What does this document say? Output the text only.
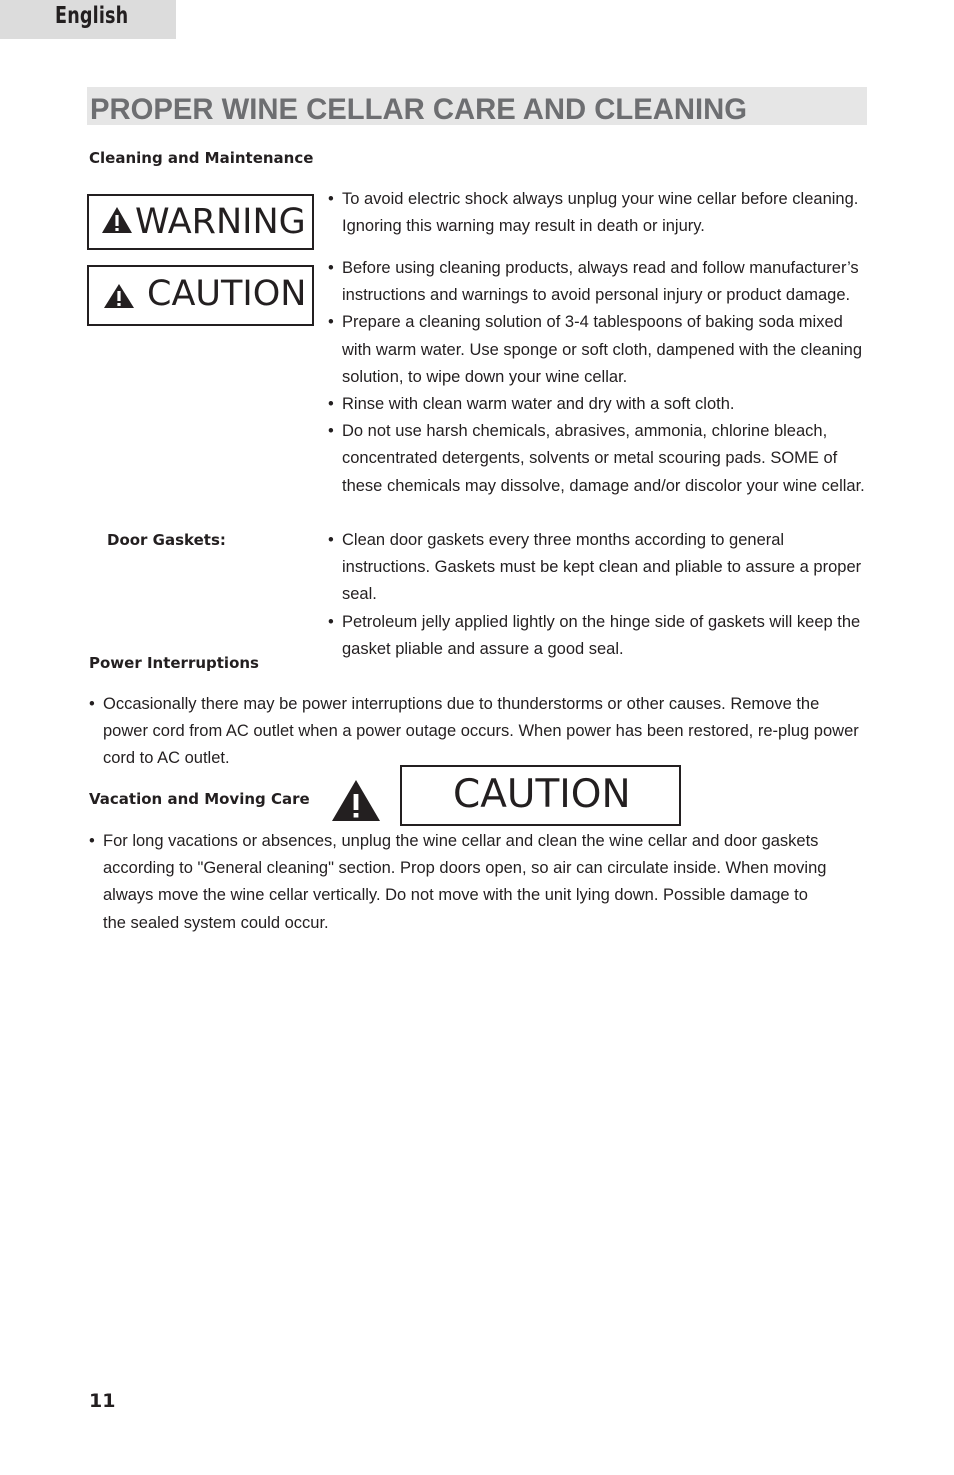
English
PROPER WINE CELLAR CARE AND CLEANING
Cleaning and Maintenance
WARNING
CAUTION

• To avoid electric shock always unplug your wine cellar before cleaning. Ignoring this warning may result in death or injury.

• Before using cleaning products, always read and follow manufacturer’s instructions and warnings to avoid personal injury or product damage.

• Prepare a cleaning solution of 3-4 tablespoons of baking soda mixed with warm water. Use sponge or soft cloth, dampened with the cleaning solution, to wipe down your wine cellar.

• Rinse with clean warm water and dry with a soft cloth.

• Do not use harsh chemicals, abrasives, ammonia, chlorine bleach, concentrated detergents, solvents or metal scouring pads. SOME of these chemicals may dissolve, damage and/or discolor your wine cellar.

Door Gaskets:

•	Clean door gaskets every three months according to general instructions. Gaskets must be kept clean and pliable to assure a proper seal.

• Petroleum jelly applied lightly on the hinge side of gaskets will keep the gasket pliable and assure a good seal.

Power Interruptions

• Occasionally there may be power interruptions due to thunderstorms or other causes. Remove the power cord from AC outlet when a power outage occurs. When power has been restored, re-plug power cord to AC outlet.

Vacation and Moving Care	CAUTION

• For long vacations or absences, unplug the wine cellar and clean the wine cellar and door gaskets according to "General cleaning" section. Prop doors open, so air can circulate inside. When moving always move the wine cellar vertically. Do not move with the unit lying down. Possible damage to the sealed system could occur.

11
